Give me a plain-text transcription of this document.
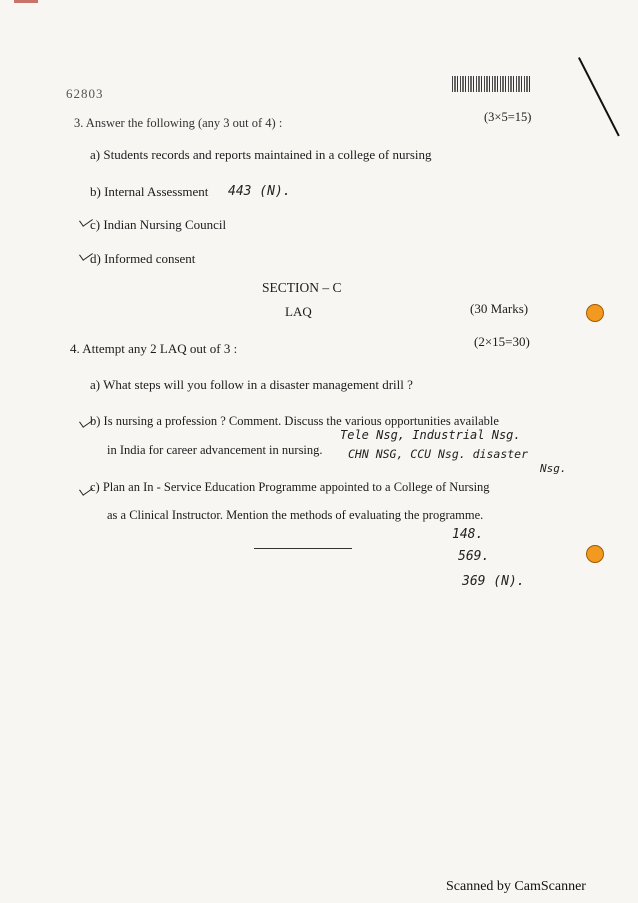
62803
3. Answer the following (any 3 out of 4) :	(3×5=15)
a) Students records and reports maintained in a college of nursing
b) Internal Assessment 443 (N).
c) Indian Nursing Council
d) Informed consent
SECTION – C
LAQ	(30 Marks)
4. Attempt any 2 LAQ out of 3 :	(2×15=30)
a) What steps will you follow in a disaster management drill ?
b) Is nursing a profession ? Comment. Discuss the various opportunities available
in India for career advancement in nursing.
Tele Nsg, Industrial Nsg.
CHN NSG, CCU Nsg. disaster
Nsg.
c) Plan an In - Service Education Programme appointed to a College of Nursing
as a Clinical Instructor. Mention the methods of evaluating the programme.
148.
569.
369 (N).
Scanned by CamScanner
